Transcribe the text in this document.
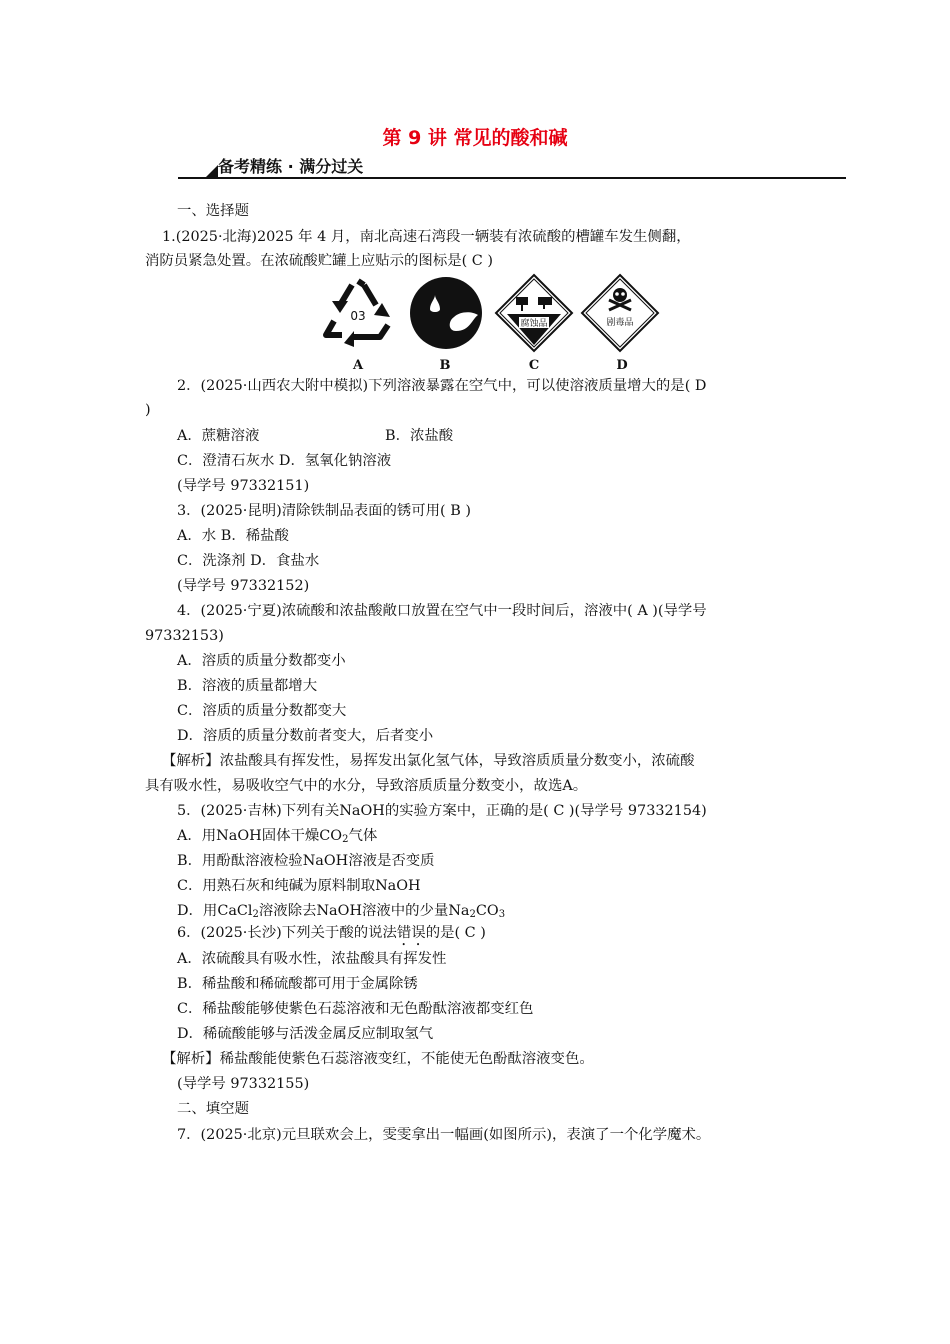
第 9 讲 常见的酸和碱
备考精练 · 满分过关
一、选择题
1.(2025·北海)2025 年 4 月，南北高速石湾段一辆装有浓硫酸的槽罐车发生侧翻，
消防员紧急处置。在浓硫酸贮罐上应贴示的图标是( C )
03
腐蚀品	剧毒品
A	B	C	D
2．(2025·山西农大附中模拟)下列溶液暴露在空气中，可以使溶液质量增大的是( D
)
A．蔗糖溶液	B．浓盐酸
C．澄清石灰水 D．氢氧化钠溶液
(导学号 97332151)
3．(2025·昆明)清除铁制品表面的锈可用( B )
A．水 B．稀盐酸
C．洗涤剂 D．食盐水
(导学号 97332152)
4．(2025·宁夏)浓硫酸和浓盐酸敞口放置在空气中一段时间后，溶液中( A )(导学号
97332153)
A．溶质的质量分数都变小
B．溶液的质量都增大
C．溶质的质量分数都变大
D．溶质的质量分数前者变大，后者变小
【解析】浓盐酸具有挥发性，易挥发出氯化氢气体，导致溶质质量分数变小，浓硫酸
具有吸水性，易吸收空气中的水分，导致溶质质量分数变小，故选A。
5．(2025·吉林)下列有关NaOH的实验方案中，正确的是( C )(导学号 97332154)
A．用NaOH固体干燥$CO_2$气体
B．用酚酞溶液检验NaOH溶液是否变质
C．用熟石灰和纯碱为原料制取NaOH
D．用CaCl$_2$溶液除去NaOH溶液中的少量$Na_2CO_3$
6．(2025·长沙)下列关于酸的说法错误的是( C )
A．浓硫酸具有吸水性，浓盐酸具有挥发性
B．稀盐酸和稀硫酸都可用于金属除锈
C．稀盐酸能够使紫色石蕊溶液和无色酚酞溶液都变红色
D．稀硫酸能够与活泼金属反应制取氢气
【解析】稀盐酸能使紫色石蕊溶液变红，不能使无色酚酞溶液变色。
(导学号 97332155)
二、填空题
7．(2025·北京)元旦联欢会上，雯雯拿出一幅画(如图所示)，表演了一个化学魔术。
